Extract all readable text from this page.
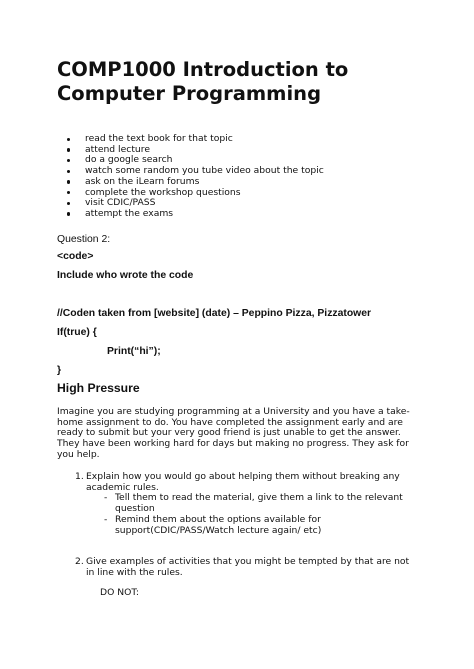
COMP1000 Introduction to
Computer Programming
read the text book for that topic
attend lecture
do a google search
watch some random you tube video about the topic
ask on the iLearn forums
complete the workshop questions
visit CDIC/PASS
attempt the exams
Question 2:
<code>
Include who wrote the code
//Coden taken from [website] (date) – Peppino Pizza, Pizzatower
If(true) {
Print(“hi”);
}
High Pressure
Imagine you are studying programming at a University and you have a take-
home assignment to do. You have completed the assignment early and are
ready to submit but your very good friend is just unable to get the answer.
They have been working hard for days but making no progress. They ask for
you help.
1. Explain how you would go about helping them without breaking any
academic rules.
- Tell them to read the material, give them a link to the relevant
question
- Remind them about the options available for
support(CDIC/PASS/Watch lecture again/ etc)
2. Give examples of activities that you might be tempted by that are not
in line with the rules.
DO NOT:
